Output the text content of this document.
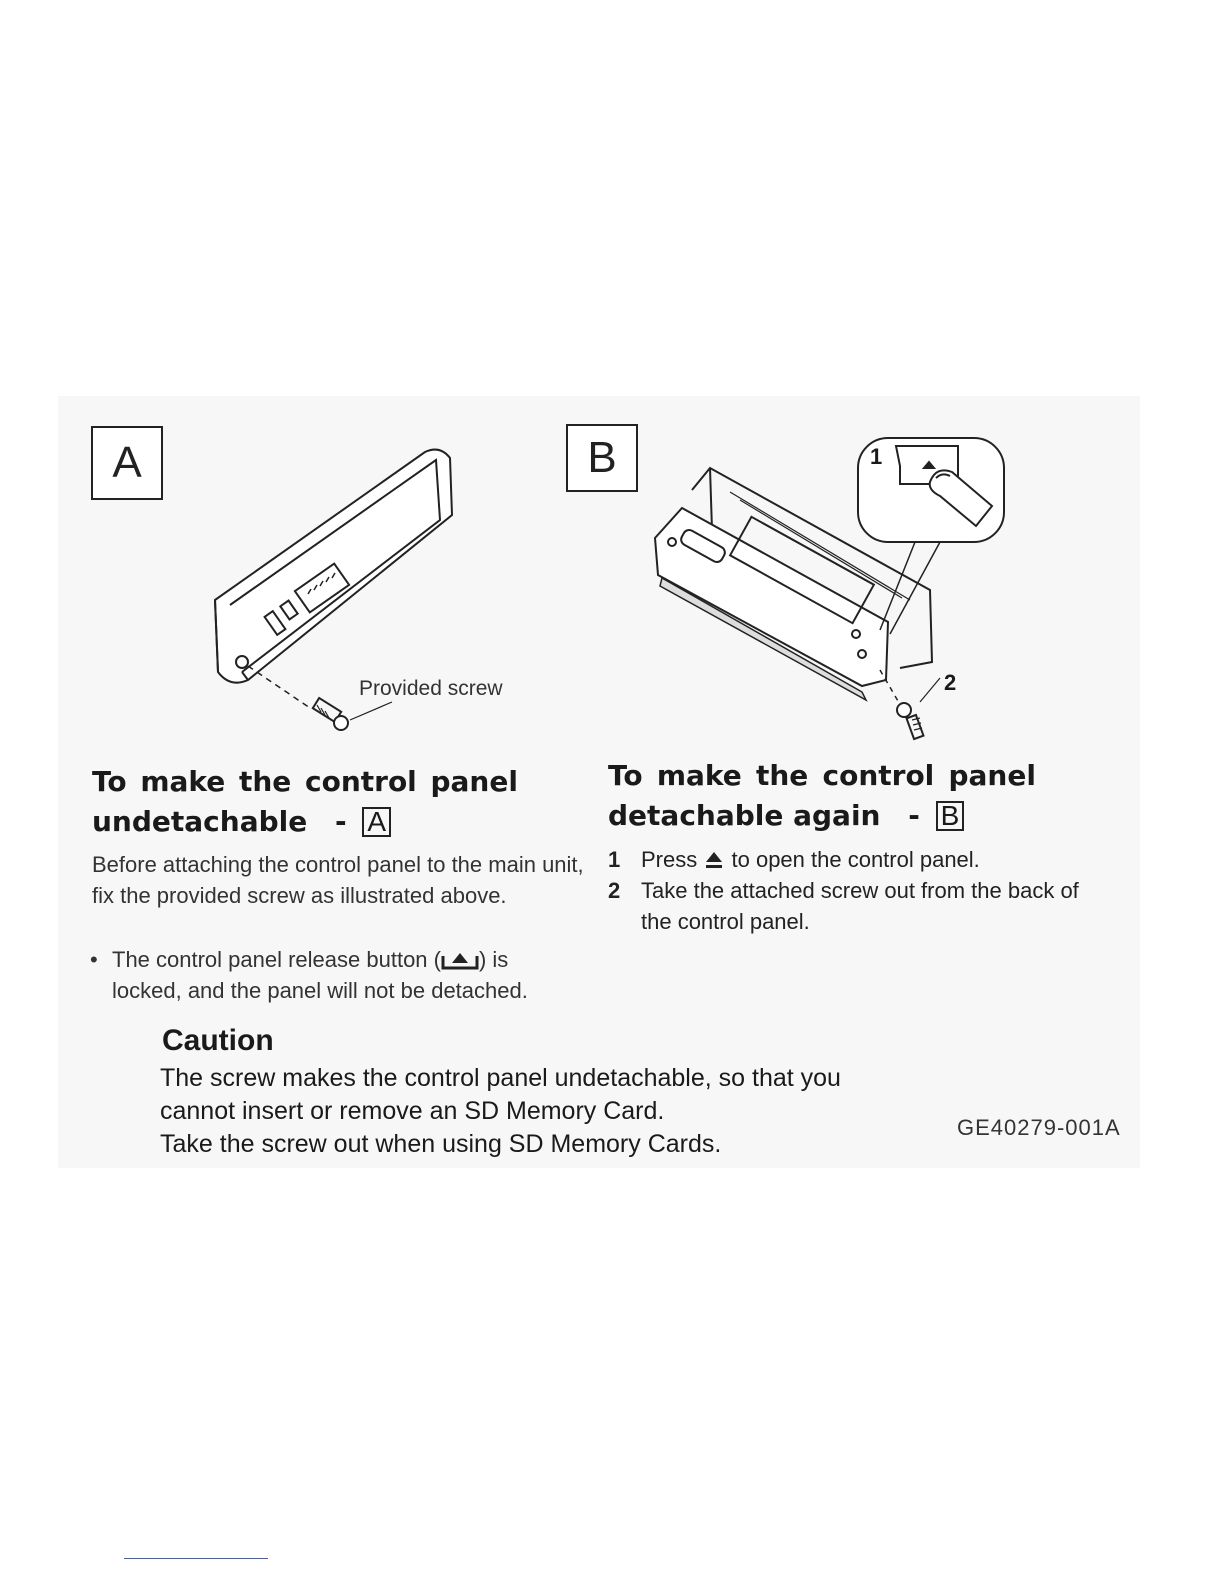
A
Provided screw
B	1
2
To make the control panel
undetachable - A

Before attaching the control panel to the main unit, fix the provided screw as illustrated above.

• The control panel release button ( ) is locked, and the panel will not be detached.
To make the control panel
detachable again - B
1 Press to open the control panel.
2 Take the attached screw out from the back of the control panel.
Caution

The screw makes the control panel undetachable, so that you

cannot insert or remove an SD Memory Card.

Take the screw out when using SD Memory Cards.

GE40279-001A
